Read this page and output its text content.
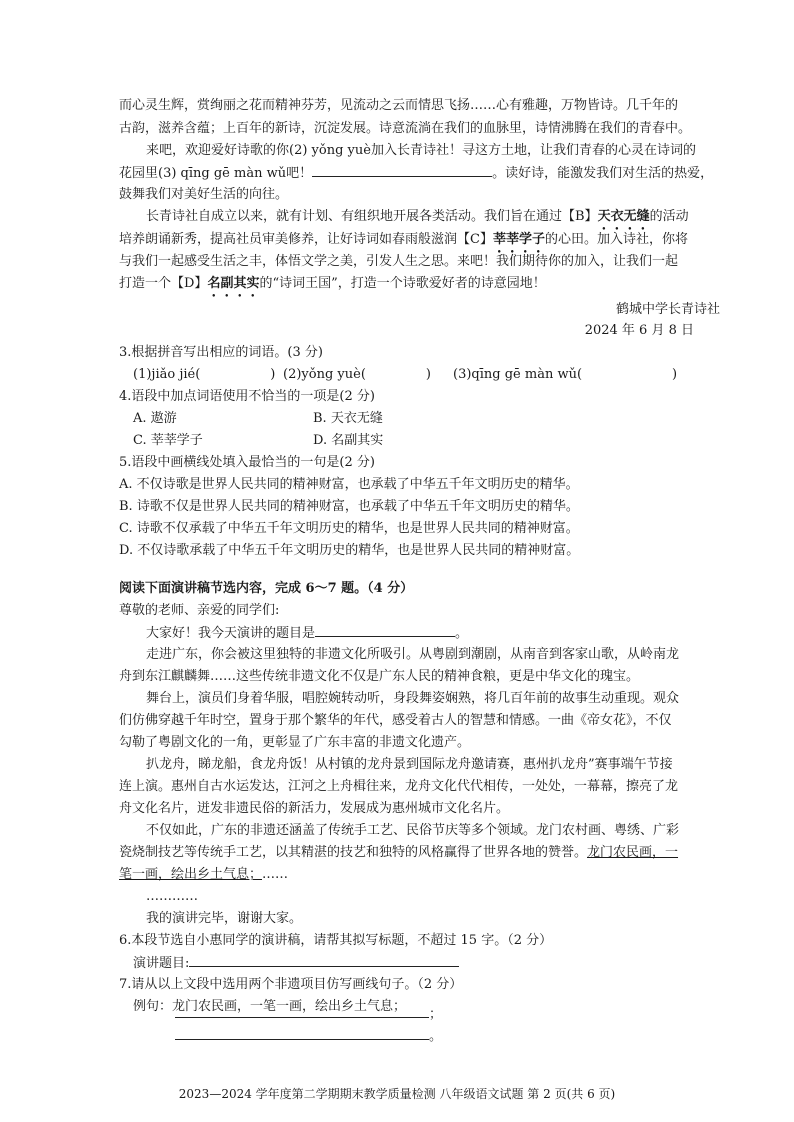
而心灵生辉，赏绚丽之花而精神芬芳，见流动之云而情思飞扬……心有雅趣，万物皆诗。几千年的
古韵，滋养含蕴；上百年的新诗，沉淀发展。诗意流淌在我们的血脉里，诗情沸腾在我们的青春中。
来吧，欢迎爱好诗歌的你(2) yǒng yuè加入长青诗社！寻这方土地，让我们青春的心灵在诗词的
花园里(3) qīng gē màn wǔ吧！	。读好诗，能激发我们对生活的热爱，
鼓舞我们对美好生活的向往。
长青诗社自成立以来，就有计划、有组织地开展各类活动。我们旨在通过【B】天衣无缝的活动
培养朗诵新秀，提高社员审美修养，让好诗词如春雨般滋润【C】莘莘学子的心田。加入诗社，你将
与我们一起感受生活之丰，体悟文学之美，引发人生之思。来吧！我们期待你的加入，让我们一起
打造一个【D】名副其实的“诗词王国”，打造一个诗歌爱好者的诗意园地！
鹤城中学长青诗社
2024 年 6 月 8 日
3.根据拼音写出相应的词语。(3 分)
(1)jiǎo jié(	) (2)yǒng yuè(	) (3)qīng gē màn wǔ(	)
4.语段中加点词语使用不恰当的一项是(2 分)
A. 遨游	B. 天衣无缝
C. 莘莘学子	D. 名副其实
5.语段中画横线处填入最恰当的一句是(2 分)
A. 不仅诗歌是世界人民共同的精神财富，也承载了中华五千年文明历史的精华。
B. 诗歌不仅是世界人民共同的精神财富，也承载了中华五千年文明历史的精华。
C. 诗歌不仅承载了中华五千年文明历史的精华，也是世界人民共同的精神财富。
D. 不仅诗歌承载了中华五千年文明历史的精华，也是世界人民共同的精神财富。
阅读下面演讲稿节选内容，完成 6～7 题。（4 分）
尊敬的老师、亲爱的同学们:
大家好！我今天演讲的题目是	。
走进广东，你会被这里独特的非遗文化所吸引。从粤剧到潮剧，从南音到客家山歌，从岭南龙
舟到东江麒麟舞……这些传统非遗文化不仅是广东人民的精神食粮，更是中华文化的瑰宝。
舞台上，演员们身着华服，唱腔婉转动听，身段舞姿娴熟，将几百年前的故事生动重现。观众
们仿佛穿越千年时空，置身于那个繁华的年代，感受着古人的智慧和情感。一曲《帝女花》，不仅
勾勒了粤剧文化的一角，更彰显了广东丰富的非遗文化遗产。
扒龙舟，睇龙船，食龙舟饭！从村镇的龙舟景到国际龙舟邀请赛，惠州扒龙舟”赛事端午节接
连上演。惠州自古水运发达，江河之上舟楫往来，龙舟文化代代相传，一处处，一幕幕，擦亮了龙
舟文化名片，迸发非遗民俗的新活力，发展成为惠州城市文化名片。
不仅如此，广东的非遗还涵盖了传统手工艺、民俗节庆等多个领域。龙门农村画、粤绣、广彩
瓷烧制技艺等传统手工艺，以其精湛的技艺和独特的风格赢得了世界各地的赞誉。龙门农民画，一
笔一画，绘出乡土气息；……
…………
我的演讲完毕，谢谢大家。
6.本段节选自小惠同学的演讲稿，请帮其拟写标题，不超过 15 字。（2 分）
演讲题目:
7.请从以上文段中选用两个非遗项目仿写画线句子。（2 分）
例句：龙门农民画，一笔一画，绘出乡土气息；
；
2023—2024 学年度第二学期期末教学质量检测 八年级语文试题 第 2 页(共 6 页)
。
